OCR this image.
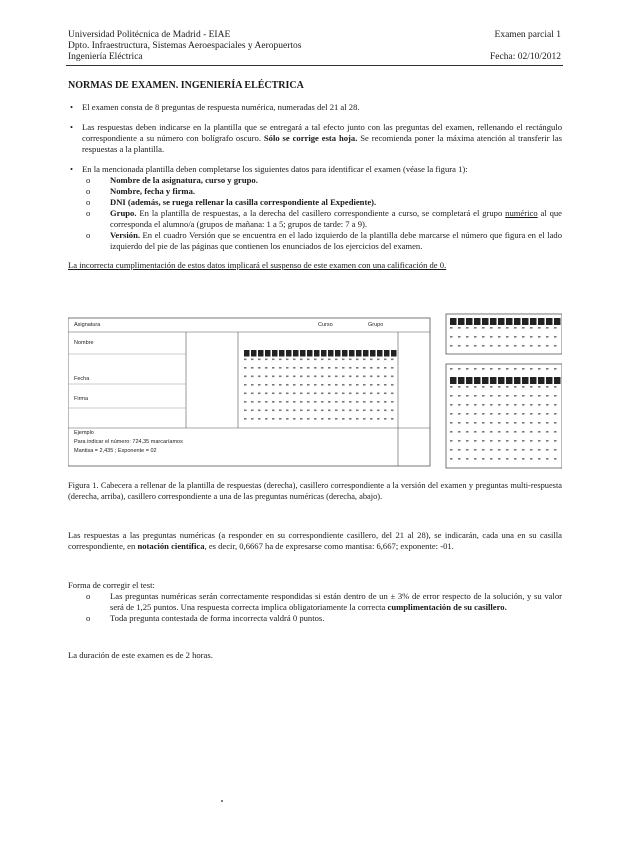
Universidad Politécnica de Madrid - EIAE
Dpto. Infraestructura, Sistemas Aeroespaciales y Aeropuertos
Ingeniería Eléctrica
Examen parcial 1
Fecha: 02/10/2012
NORMAS DE EXAMEN. INGENIERÍA ELÉCTRICA
• El examen consta de 8 preguntas de respuesta numérica, numeradas del 21 al 28.
• Las respuestas deben indicarse en la plantilla que se entregará a tal efecto junto con las preguntas del examen, rellenando el rectángulo correspondiente a su número con bolígrafo oscuro. Sólo se corrige esta hoja. Se recomienda poner la máxima atención al transferir las respuestas a la plantilla.
• En la mencionada plantilla deben completarse los siguientes datos para identificar el examen (véase la figura 1):
o Nombre de la asignatura, curso y grupo.
o Nombre, fecha y firma.
o DNI (además, se ruega rellenar la casilla correspondiente al Expediente).
o Grupo. En la plantilla de respuestas, a la derecha del casillero correspondiente a curso, se completará el grupo numérico al que corresponda el alumno/a (grupos de mañana: 1 a 5; grupos de tarde: 7 a 9).
o Versión. En el cuadro Versión que se encuentra en el lado izquierdo de la plantilla debe marcarse el número que figura en el lado izquierdo del pie de las páginas que contienen los enunciados de los ejercicios del examen.
La incorrecta cumplimentación de estos datos implicará el suspenso de este examen con una calificación de 0.
Asignatura	Curso	Grupo
Nombre
Fecha
Firma
Ejemplo
Para indicar el número: 724,35 marcaríamos
Mantisa = 2,435 ; Exponente = 02
Figura 1. Cabecera a rellenar de la plantilla de respuestas (derecha), casillero correspondiente a la versión del examen y preguntas multi-respuesta (derecha, arriba), casillero correspondiente a una de las preguntas numéricas (derecha, abajo).
Las respuestas a las preguntas numéricas (a responder en su correspondiente casillero, del 21 al 28), se indicarán, cada una en su casilla correspondiente, en notación científica, es decir, 0,6667 ha de expresarse como mantisa: 6,667; exponente: -01.
Forma de corregir el test:
o Las preguntas numéricas serán correctamente respondidas si están dentro de un ± 3% de error respecto de la solución, y su valor será de 1,25 puntos. Una respuesta correcta implica obligatoriamente la correcta cumplimentación de su casillero.
o Toda pregunta contestada de forma incorrecta valdrá 0 puntos.
La duración de este examen es de 2 horas.
